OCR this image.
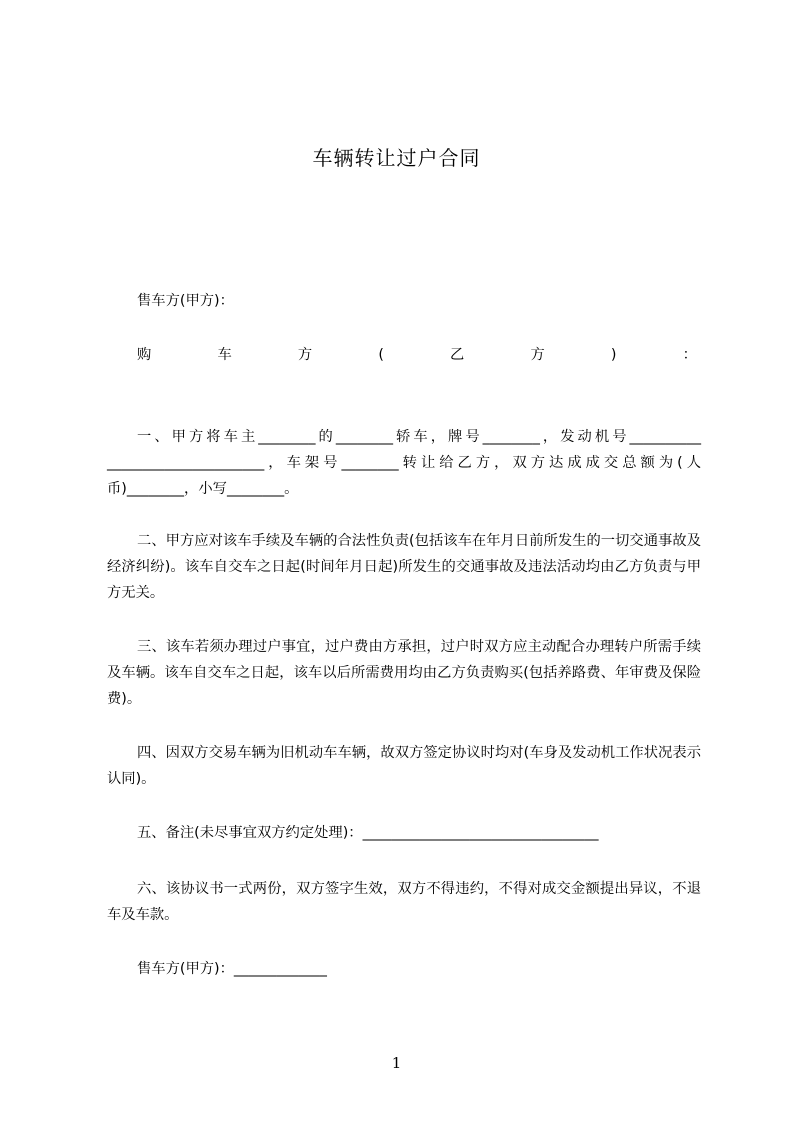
车辆转让过户合同
售车方(甲方)：
购	车	方	(	乙	方	)	：
一、甲方将车主________的________轿车，牌号________，发动机号__________ ______________________，车架号________转让给乙方，双方达成成交总额为(人币)________，小写________。
二、甲方应对该车手续及车辆的合法性负责(包括该车在年月日前所发生的一切交通事故及经济纠纷)。该车自交车之日起(时间年月日起)所发生的交通事故及违法活动均由乙方负责与甲方无关。
三、该车若须办理过户事宜，过户费由方承担，过户时双方应主动配合办理转户所需手续及车辆。该车自交车之日起，该车以后所需费用均由乙方负责购买(包括养路费、年审费及保险费)。
四、因双方交易车辆为旧机动车车辆，故双方签定协议时均对(车身及发动机工作状况表示认同)。
五、备注(未尽事宜双方约定处理)：_________________________________
六、该协议书一式两份，双方签字生效，双方不得违约，不得对成交金额提出异议，不退车及车款。
售车方(甲方)：_____________
1
